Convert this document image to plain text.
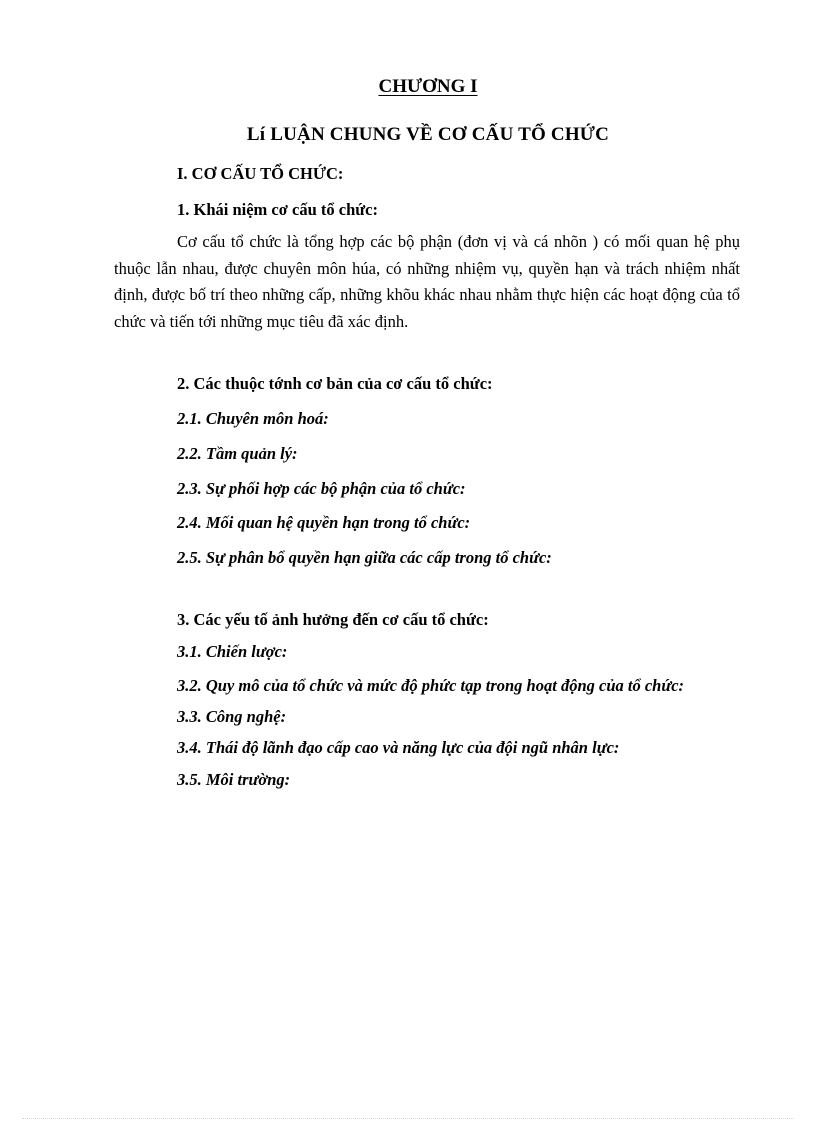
CHƯƠNG I
Lí LUẬN CHUNG VỀ CƠ CẤU TỔ CHỨC
I. CƠ CẤU TỔ CHỨC:
1. Khái niệm cơ cấu tổ chức:
Cơ cấu tổ chức là tổng hợp các bộ phận (đơn vị và cá nhõn ) có mối quan hệ phụ thuộc lẫn nhau, được chuyên môn húa, có những nhiệm vụ, quyền hạn và trách nhiệm nhất định, được bố trí theo những cấp, những khõu khác nhau nhằm thực hiện các hoạt động của tổ chức và tiến tới những mục tiêu đã xác định.
2. Các thuộc tớnh cơ bản của cơ cấu tổ chức:
2.1. Chuyên môn hoá:
2.2. Tầm quản lý:
2.3. Sự phối hợp các bộ phận của tổ chức:
2.4. Mối quan hệ quyền hạn trong tổ chức:
2.5. Sự phân bổ quyền hạn giữa các cấp trong tổ chức:
3. Các yếu tố ảnh hưởng đến cơ cấu tổ chức:
3.1. Chiến lược:
3.2. Quy mô của tổ chức và mức độ phức tạp trong hoạt động của tổ chức:
3.3. Công nghệ:
3.4. Thái độ lãnh đạo cấp cao và năng lực của đội ngũ nhân lực:
3.5. Môi trường:
